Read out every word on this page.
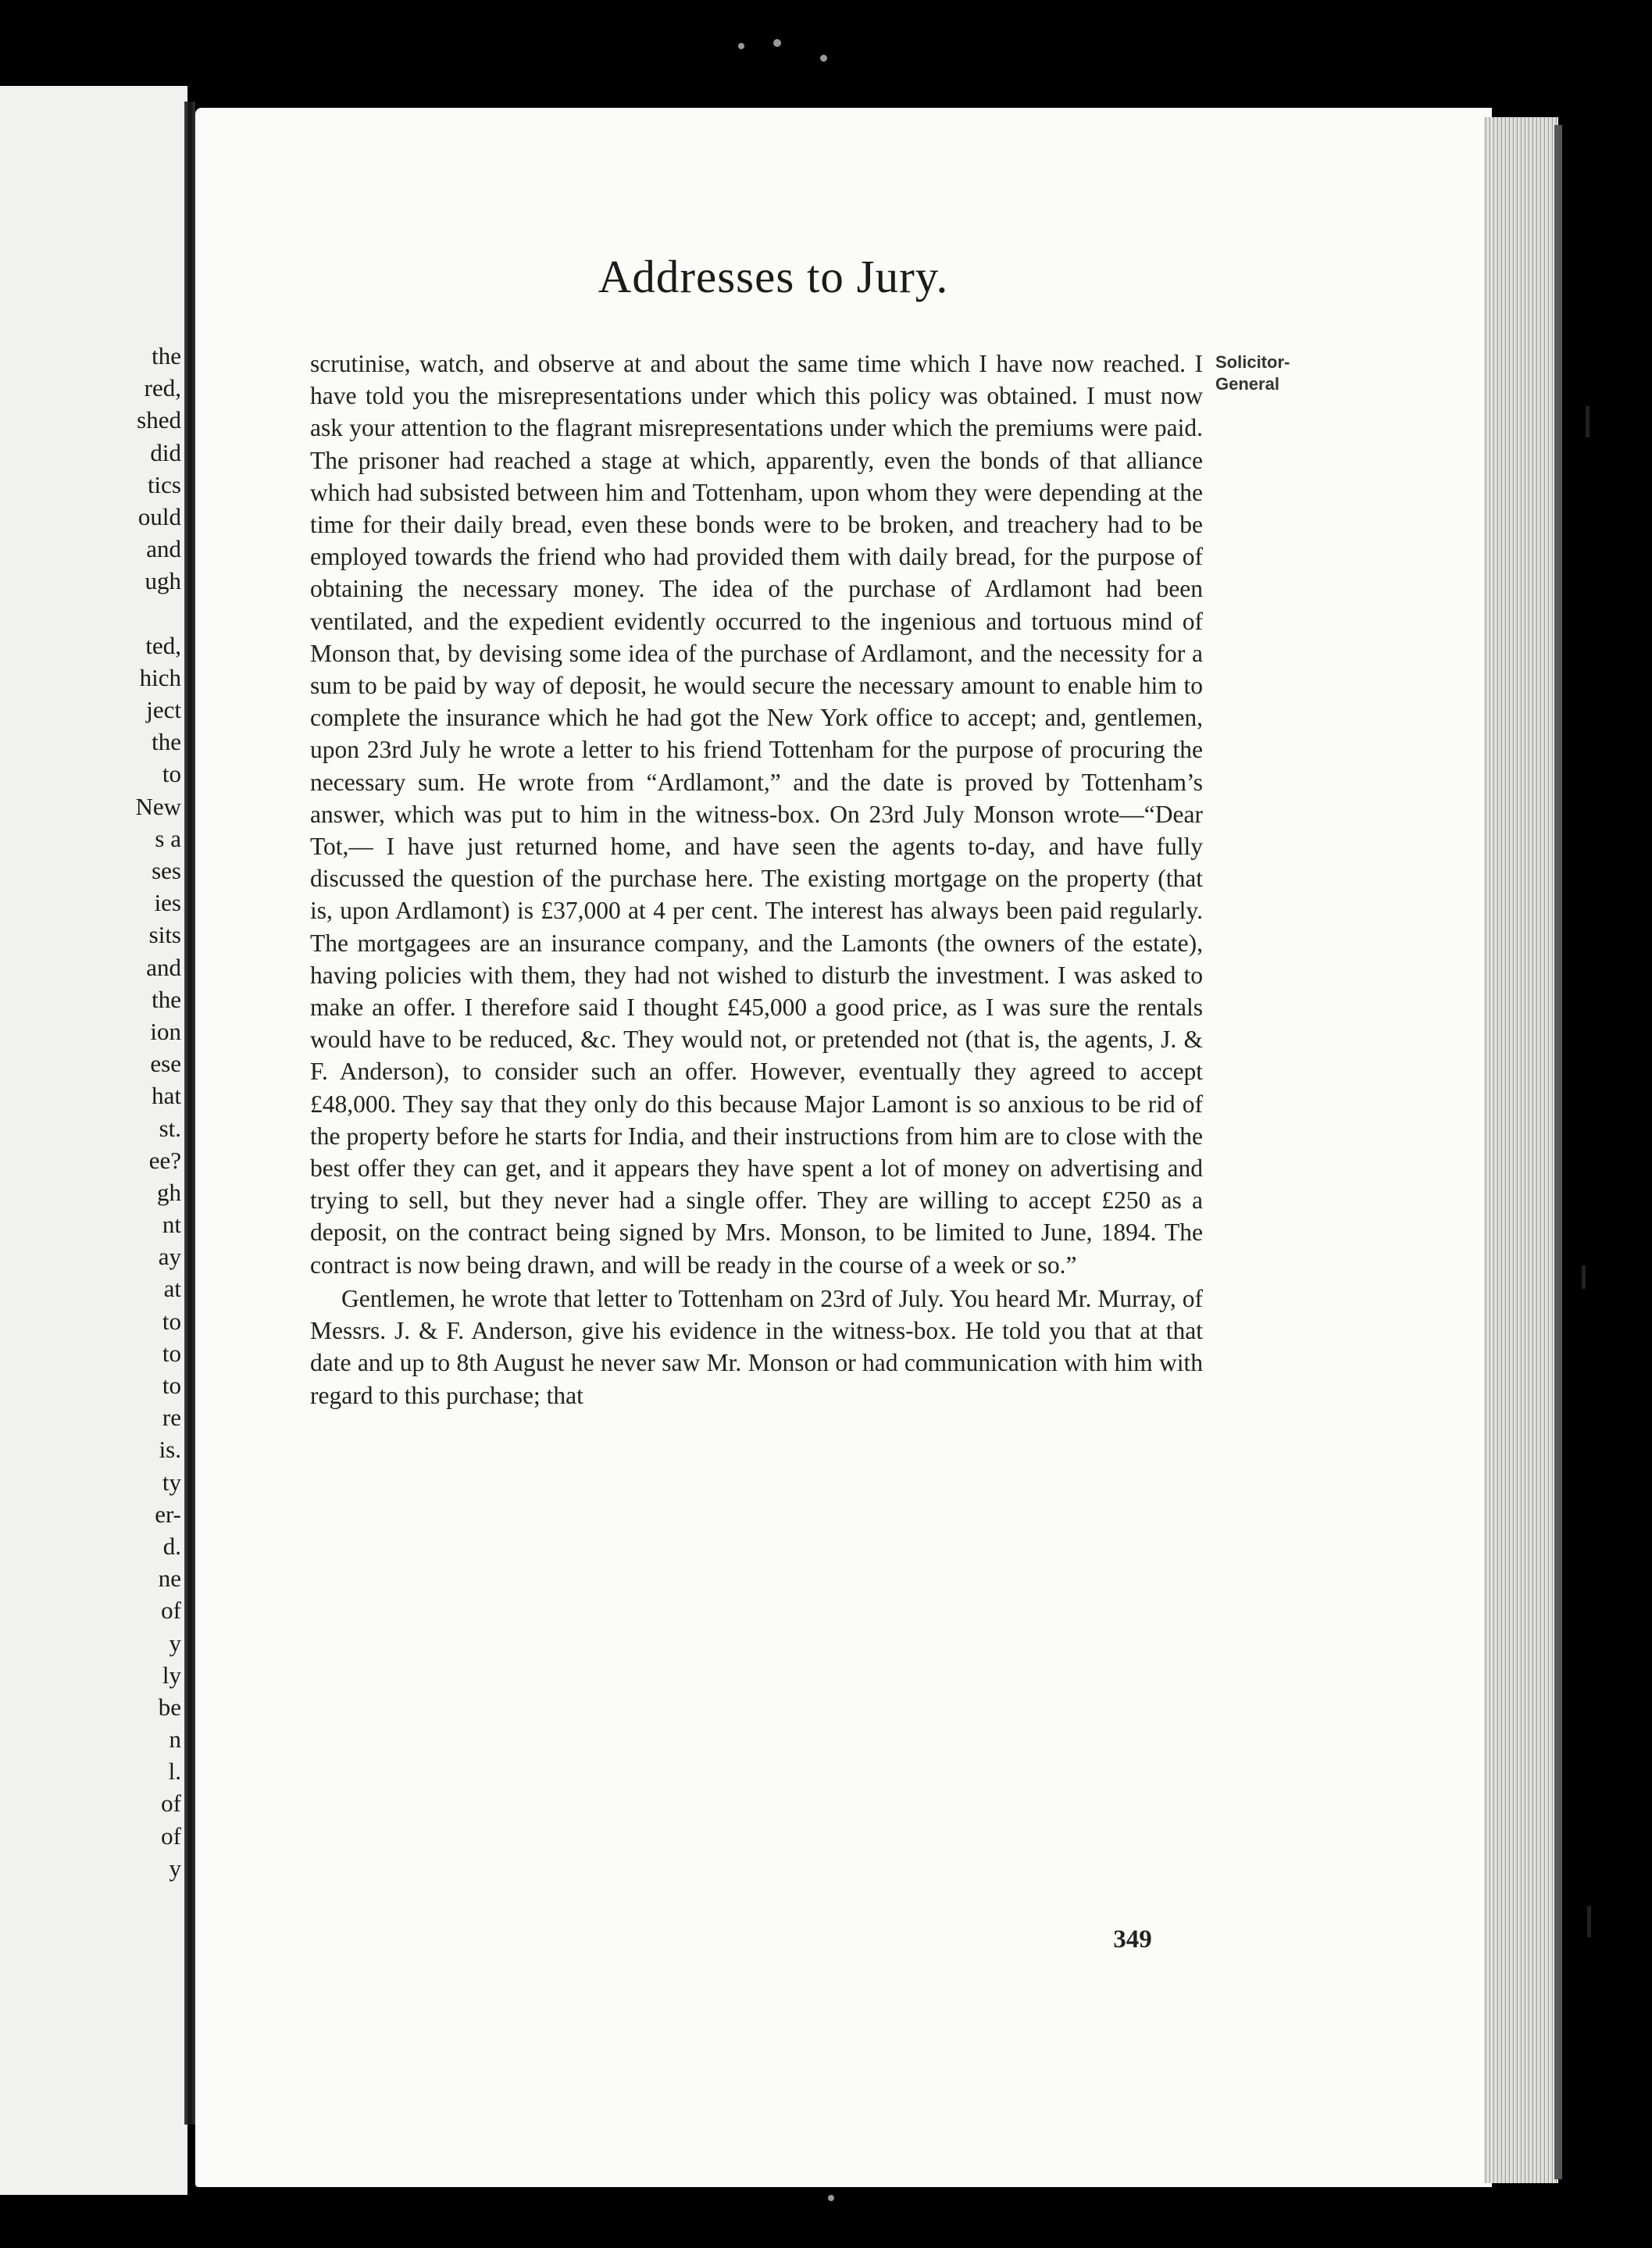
the
red,
shed
did
tics
ould
and
ugh
ted,
hich
ject
the
to
New
s a
ses
ies
sits
and
the
ion
ese
hat
st.
ee?
gh
nt
ay
at
to
to
to
re
is.
ty
er-
d.
ne
of
y
ly
be
n
l.
of
of
y
Addresses to Jury.
Solicitor-
General

scrutinise, watch, and observe at and about the same time which I have now reached. I have told you the misrepresentations under which this policy was obtained. I must now ask your attention to the flagrant misrepresentations under which the premiums were paid. The prisoner had reached a stage at which, apparently, even the bonds of that alliance which had subsisted between him and Tottenham, upon whom they were depending at the time for their daily bread, even these bonds were to be broken, and treachery had to be employed towards the friend who had provided them with daily bread, for the purpose of obtaining the necessary money. The idea of the purchase of Ardlamont had been ventilated, and the expedient evidently occurred to the ingenious and tortuous mind of Monson that, by devising some idea of the purchase of Ardlamont, and the necessity for a sum to be paid by way of deposit, he would secure the necessary amount to enable him to complete the insurance which he had got the New York office to accept; and, gentlemen, upon 23rd July he wrote a letter to his friend Tottenham for the purpose of procuring the necessary sum. He wrote from “Ardlamont,” and the date is proved by Tottenham’s answer, which was put to him in the witness-box. On 23rd July Monson wrote—“Dear Tot,— I have just returned home, and have seen the agents to-day, and have fully discussed the question of the purchase here. The existing mortgage on the property (that is, upon Ardlamont) is £37,000 at 4 per cent. The interest has always been paid regularly. The mortgagees are an insurance company, and the Lamonts (the owners of the estate), having policies with them, they had not wished to disturb the investment. I was asked to make an offer. I therefore said I thought £45,000 a good price, as I was sure the rentals would have to be reduced, &c. They would not, or pretended not (that is, the agents, J. & F. Anderson), to consider such an offer. However, eventually they agreed to accept £48,000. They say that they only do this because Major Lamont is so anxious to be rid of the property before he starts for India, and their instructions from him are to close with the best offer they can get, and it appears they have spent a lot of money on advertising and trying to sell, but they never had a single offer. They are willing to accept £250 as a deposit, on the contract being signed by Mrs. Monson, to be limited to June, 1894. The contract is now being drawn, and will be ready in the course of a week or so.”

Gentlemen, he wrote that letter to Tottenham on 23rd of July. You heard Mr. Murray, of Messrs. J. & F. Anderson, give his evidence in the witness-box. He told you that at that date and up to 8th August he never saw Mr. Monson or had communication with him with regard to this purchase; that

349
